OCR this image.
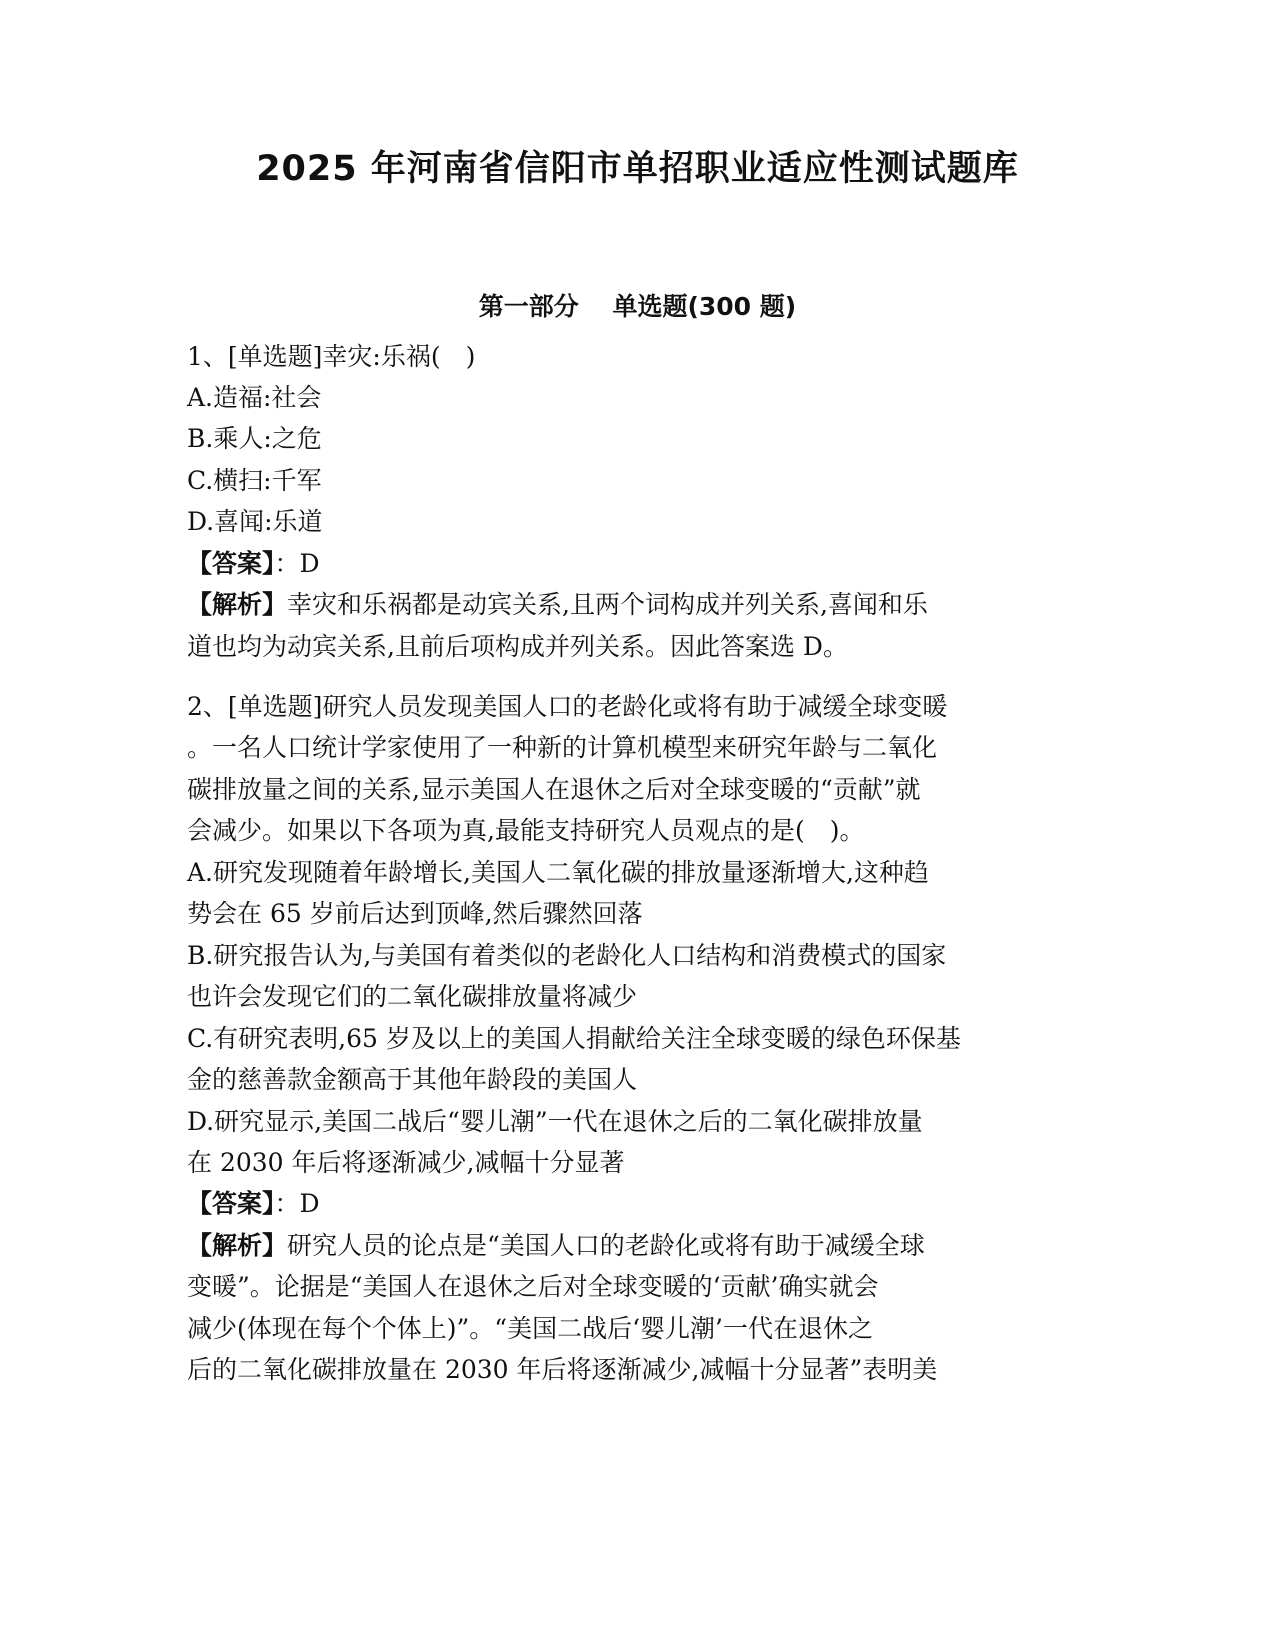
2025 年河南省信阳市单招职业适应性测试题库
第一部分　 单选题(300 题)

1、[单选题]幸灾:乐祸(　)

A.造福:社会

B.乘人:之危

C.横扫:千军

D.喜闻:乐道

【答案】：D

【解析】幸灾和乐祸都是动宾关系,且两个词构成并列关系,喜闻和乐

道也均为动宾关系,且前后项构成并列关系。因此答案选 D。

2、[单选题]研究人员发现美国人口的老龄化或将有助于减缓全球变暖

。一名人口统计学家使用了一种新的计算机模型来研究年龄与二氧化

碳排放量之间的关系,显示美国人在退休之后对全球变暖的“贡献”就

会减少。如果以下各项为真,最能支持研究人员观点的是(　)。

A.研究发现随着年龄增长,美国人二氧化碳的排放量逐渐增大,这种趋

势会在 65 岁前后达到顶峰,然后骤然回落

B.研究报告认为,与美国有着类似的老龄化人口结构和消费模式的国家

也许会发现它们的二氧化碳排放量将减少

C.有研究表明,65 岁及以上的美国人捐献给关注全球变暖的绿色环保基

金的慈善款金额高于其他年龄段的美国人

D.研究显示,美国二战后“婴儿潮”一代在退休之后的二氧化碳排放量

在 2030 年后将逐渐减少,减幅十分显著

【答案】：D

【解析】研究人员的论点是“美国人口的老龄化或将有助于减缓全球

变暖”。论据是“美国人在退休之后对全球变暖的‘贡献’确实就会

减少(体现在每个个体上)”。“美国二战后‘婴儿潮’一代在退休之

后的二氧化碳排放量在 2030 年后将逐渐减少,减幅十分显著”表明美
